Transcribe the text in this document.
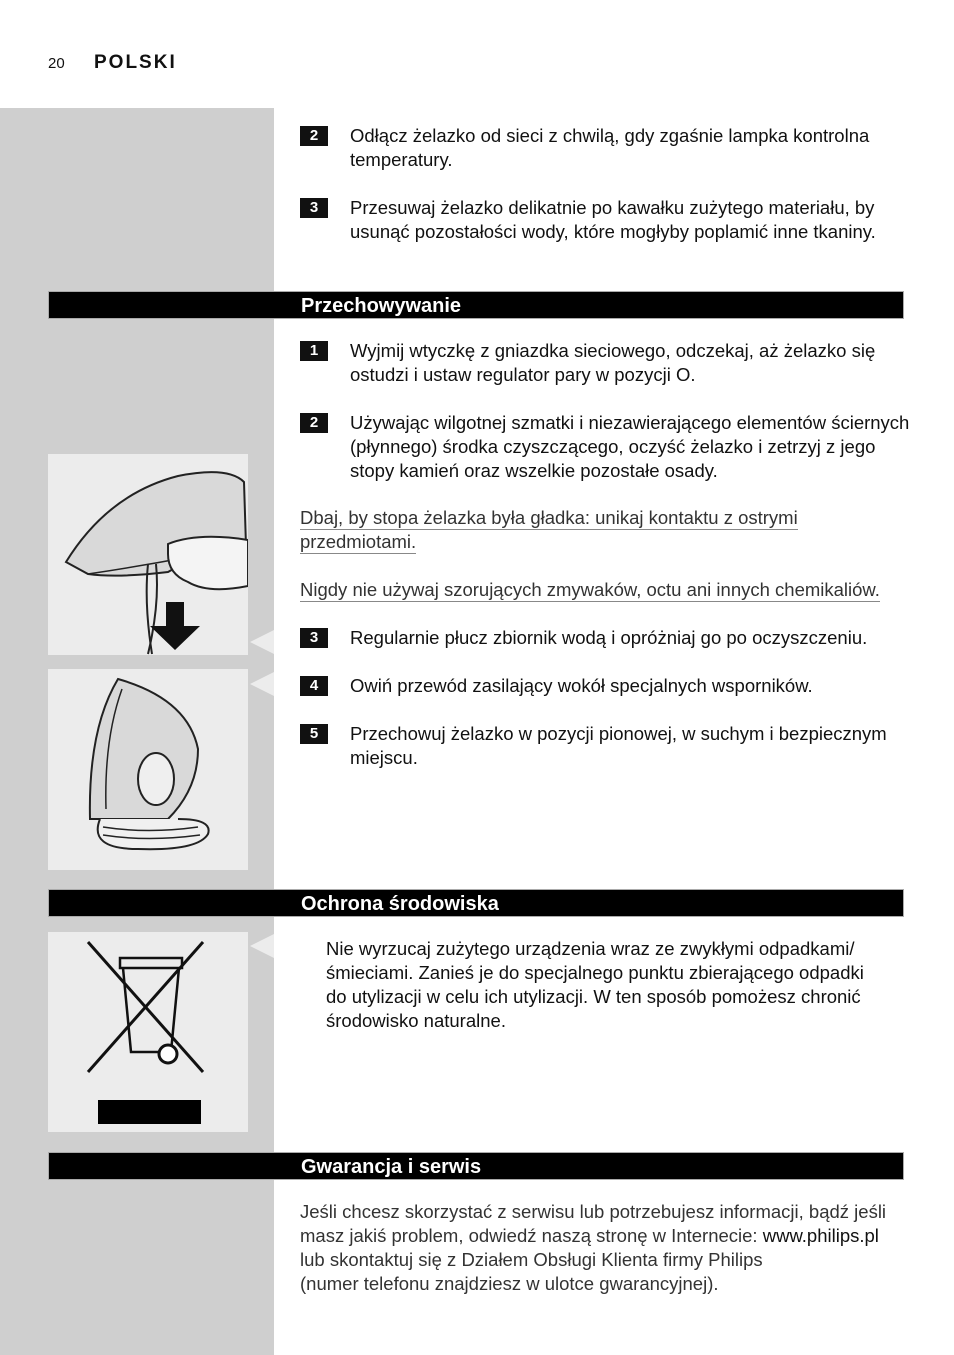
20 POLSKI
2	Odłącz żelazko od sieci z chwilą, gdy zgaśnie lampka kontrolna temperatury.
3	Przesuwaj żelazko delikatnie po kawałku zużytego materiału, by usunąć pozostałości wody, które mogłyby poplamić inne tkaniny.
Przechowywanie
1	Wyjmij wtyczkę z gniazdka sieciowego, odczekaj, aż żelazko się ostudzi i ustaw regulator pary w pozycji O.
2	Używając wilgotnej szmatki i niezawierającego elementów ściernych (płynnego) środka czyszczącego, oczyść żelazko i zetrzyj z jego stopy kamień oraz wszelkie pozostałe osady.
Dbaj, by stopa żelazka była gładka: unikaj kontaktu z ostrymi przedmiotami.
Nigdy nie używaj szorujących zmywaków, octu ani innych chemikaliów.
3	Regularnie płucz zbiornik wodą i opróżniaj go po oczyszczeniu.
4	Owiń przewód zasilający wokół specjalnych wsporników.
5	Przechowuj żelazko w pozycji pionowej, w suchym i bezpiecznym miejscu.
Ochrona środowiska
Nie wyrzucaj zużytego urządzenia wraz ze zwykłymi odpadkami/śmieciami. Zanieś je do specjalnego punktu zbierającego odpadki do utylizacji w celu ich utylizacji. W ten sposób pomożesz chronić środowisko naturalne.
Gwarancja i serwis
Jeśli chcesz skorzystać z serwisu lub potrzebujesz informacji, bądź jeśli masz jakiś problem, odwiedź naszą stronę w Internecie: www.philips.pl
lub skontaktuj się z Działem Obsługi Klienta firmy Philips
(numer telefonu znajdziesz w ulotce gwarancyjnej).
